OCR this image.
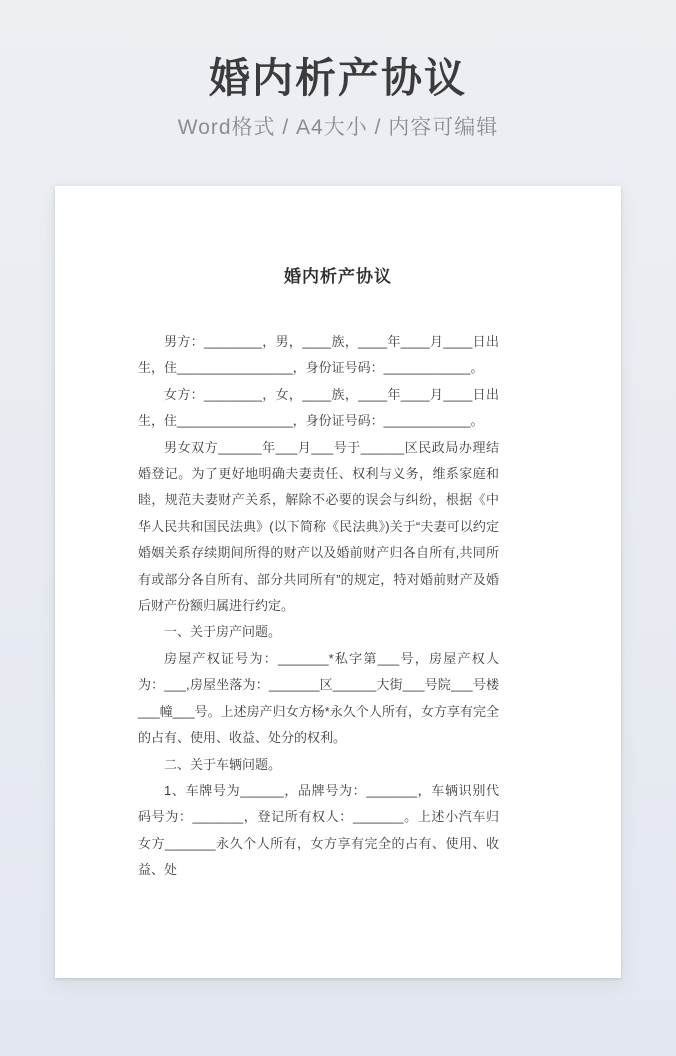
婚内析产协议

Word格式 / A4大小 / 内容可编辑

婚内析产协议

男方：________，男，____族，____年____月____日出生，住________________，身份证号码：____________。

女方：________，女，____族，____年____月____日出生，住________________，身份证号码：____________。

男女双方______年___月___号于______区民政局办理结婚登记。为了更好地明确夫妻责任、权利与义务，维系家庭和睦，规范夫妻财产关系，解除不必要的误会与纠纷，根据《中华人民共和国民法典》(以下简称《民法典》)关于“夫妻可以约定婚姻关系存续期间所得的财产以及婚前财产归各自所有,共同所有或部分各自所有、部分共同所有”的规定，特对婚前财产及婚后财产份额归属进行约定。

一、关于房产问题。

房屋产权证号为：_______*私字第___号，房屋产权人为：___,房屋坐落为：_______区______大街___号院___号楼___幢___号。上述房产归女方杨*永久个人所有，女方享有完全的占有、使用、收益、处分的权利。

二、关于车辆问题。

1、车牌号为______，品牌号为：_______，车辆识别代码号为：_______，登记所有权人：_______。上述小汽车归女方_______永久个人所有，女方享有完全的占有、使用、收益、处
